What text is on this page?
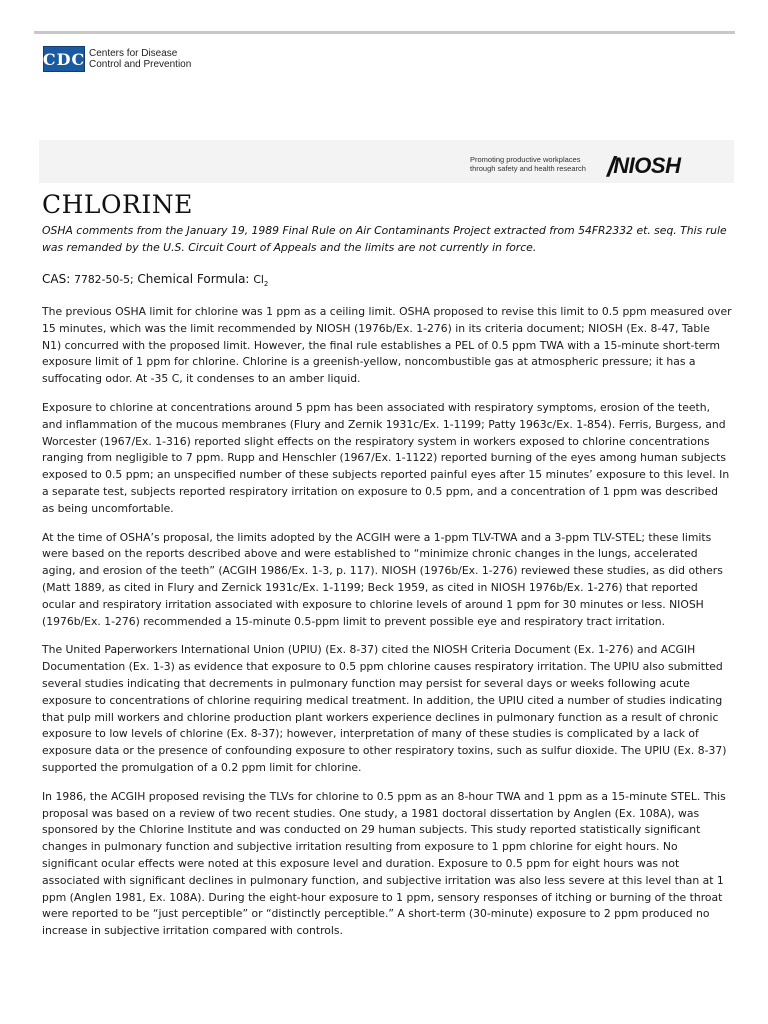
CDC Centers for Disease
Control and Prevention
Promoting productive workplaces
through safety and health research /NIOSH
CHLORINE

OSHA comments from the January 19, 1989 Final Rule on Air Contaminants Project extracted from 54FR2332 et. seq. This rule was remanded by the U.S. Circuit Court of Appeals and the limits are not currently in force.

CAS: 7782-50-5; Chemical Formula: $Cl_2$

The previous OSHA limit for chlorine was 1 ppm as a ceiling limit. OSHA proposed to revise this limit to 0.5 ppm measured over 15 minutes, which was the limit recommended by NIOSH (1976b/Ex. 1-276) in its criteria document; NIOSH (Ex. 8-47, Table N1) concurred with the proposed limit. However, the final rule establishes a PEL of 0.5 ppm TWA with a 15-minute short-term exposure limit of 1 ppm for chlorine. Chlorine is a greenish-yellow, noncombustible gas at atmospheric pressure; it has a suffocating odor. At -35 C, it condenses to an amber liquid.

Exposure to chlorine at concentrations around 5 ppm has been associated with respiratory symptoms, erosion of the teeth, and inflammation of the mucous membranes (Flury and Zernik 1931c/Ex. 1-1199; Patty 1963c/Ex. 1-854). Ferris, Burgess, and Worcester (1967/Ex. 1-316) reported slight effects on the respiratory system in workers exposed to chlorine concentrations ranging from negligible to 7 ppm. Rupp and Henschler (1967/Ex. 1-1122) reported burning of the eyes among human subjects exposed to 0.5 ppm; an unspecified number of these subjects reported painful eyes after 15 minutes’ exposure to this level. In a separate test, subjects reported respiratory irritation on exposure to 0.5 ppm, and a concentration of 1 ppm was described as being uncomfortable.

At the time of OSHA’s proposal, the limits adopted by the ACGIH were a 1-ppm TLV-TWA and a 3-ppm TLV-STEL; these limits were based on the reports described above and were established to “minimize chronic changes in the lungs, accelerated aging, and erosion of the teeth” (ACGIH 1986/Ex. 1-3, p. 117). NIOSH (1976b/Ex. 1-276) reviewed these studies, as did others (Matt 1889, as cited in Flury and Zernick 1931c/Ex. 1-1199; Beck 1959, as cited in NIOSH 1976b/Ex. 1-276) that reported ocular and respiratory irritation associated with exposure to chlorine levels of around 1 ppm for 30 minutes or less. NIOSH (1976b/Ex. 1-276) recommended a 15-minute 0.5-ppm limit to prevent possible eye and respiratory tract irritation.

The United Paperworkers International Union (UPIU) (Ex. 8-37) cited the NIOSH Criteria Document (Ex. 1-276) and ACGIH Documentation (Ex. 1-3) as evidence that exposure to 0.5 ppm chlorine causes respiratory irritation. The UPIU also submitted several studies indicating that decrements in pulmonary function may persist for several days or weeks following acute exposure to concentrations of chlorine requiring medical treatment. In addition, the UPIU cited a number of studies indicating that pulp mill workers and chlorine production plant workers experience declines in pulmonary function as a result of chronic exposure to low levels of chlorine (Ex. 8-37); however, interpretation of many of these studies is complicated by a lack of exposure data or the presence of confounding exposure to other respiratory toxins, such as sulfur dioxide. The UPIU (Ex. 8-37) supported the promulgation of a 0.2 ppm limit for chlorine.

In 1986, the ACGIH proposed revising the TLVs for chlorine to 0.5 ppm as an 8-hour TWA and 1 ppm as a 15-minute STEL. This proposal was based on a review of two recent studies. One study, a 1981 doctoral dissertation by Anglen (Ex. 108A), was sponsored by the Chlorine Institute and was conducted on 29 human subjects. This study reported statistically significant changes in pulmonary function and subjective irritation resulting from exposure to 1 ppm chlorine for eight hours. No significant ocular effects were noted at this exposure level and duration. Exposure to 0.5 ppm for eight hours was not associated with significant declines in pulmonary function, and subjective irritation was also less severe at this level than at 1 ppm (Anglen 1981, Ex. 108A). During the eight-hour exposure to 1 ppm, sensory responses of itching or burning of the throat were reported to be “just perceptible” or “distinctly perceptible.” A short-term (30-minute) exposure to 2 ppm produced no increase in subjective irritation compared with controls.
